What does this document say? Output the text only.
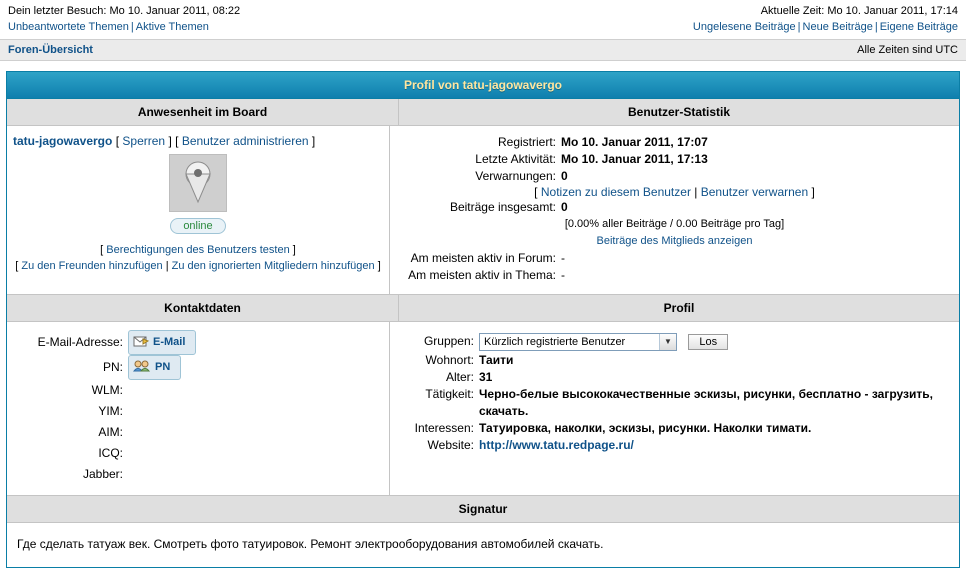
Dein letzter Besuch: Mo 10. Januar 2011, 08:22	Aktuelle Zeit: Mo 10. Januar 2011, 17:14
Unbeantwortete Themen | Aktive Themen	Ungelesene Beiträge | Neue Beiträge | Eigene Beiträge
Foren-Übersicht	Alle Zeiten sind UTC
Profil von tatu-jagowavergo
Anwesenheit im Board	Benutzer-Statistik
tatu-jagowavergo [ Sperren ] [ Benutzer administrieren ]
online
[ Berechtigungen des Benutzers testen ]
[ Zu den Freunden hinzufügen | Zu den ignorierten Mitgliedern hinzufügen ]
Registriert: Mo 10. Januar 2011, 17:07
Letzte Aktivität: Mo 10. Januar 2011, 17:13
Verwarnungen: 0
[ Notizen zu diesem Benutzer | Benutzer verwarnen ]
Beiträge insgesamt: 0
[0.00% aller Beiträge / 0.00 Beiträge pro Tag]
Beiträge des Mitglieds anzeigen
Am meisten aktiv in Forum: -
Am meisten aktiv in Thema: -
Kontaktdaten	Profil
E-Mail-Adresse:	E-Mail
PN:	PN
WLM:
YIM:
AIM:
ICQ:
Jabber:
Gruppen: Kürzlich registrierte Benutzer	▼	Los
Wohnort: Таити
Alter: 31
Tätigkeit: Черно-белые высококачественные эскизы, рисунки, бесплатно - загрузить, скачать.
Interessen: Татуировка, наколки, эскизы, рисунки. Наколки тимати.
Website: http://www.tatu.redpage.ru/
Signatur
Где сделать татуаж век. Смотреть фото татуировок. Ремонт электрооборудования автомобилей скачать.
